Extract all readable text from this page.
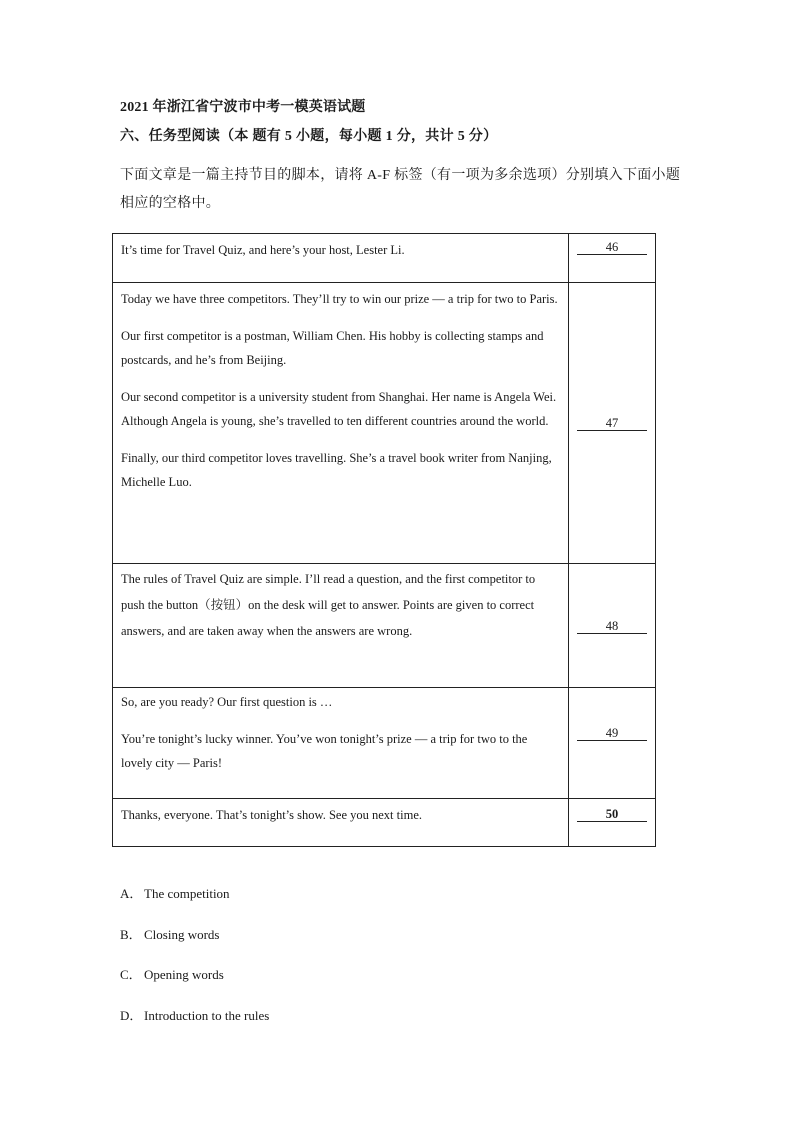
2021 年浙江省宁波市中考一模英语试题
六、任务型阅读（本 题有 5 小题，每小题 1 分，共计 5 分）
下面文章是一篇主持节目的脚本，请将 A-F 标签（有一项为多余选项）分别填入下面小题相应的空格中。
It’s time for Travel Quiz, and here’s your host, Lester Li.	46

Today we have three competitors. They’ll try to win our prize — a trip for two to Paris.
Our first competitor is a postman, William Chen. His hobby is collecting stamps and postcards, and he’s from Beijing.
Our second competitor is a university student from Shanghai. Her name is Angela Wei. Although Angela is young, she’s travelled to ten different countries around the world.
Finally, our third competitor loves travelling. She’s a travel book writer from Nanjing, Michelle Luo.	47

The rules of Travel Quiz are simple. I’ll read a question, and the first competitor to push the button（按钮）on the desk will get to answer. Points are given to correct answers, and are taken away when the answers are wrong.	48

So, are you ready? Our first question is …
You’re tonight’s lucky winner. You’ve won tonight’s prize — a trip for two to the lovely city — Paris!	49

Thanks, everyone. That’s tonight’s show. See you next time.	50
A． The competition
B． Closing words
C． Opening words
D． Introduction to the rules
